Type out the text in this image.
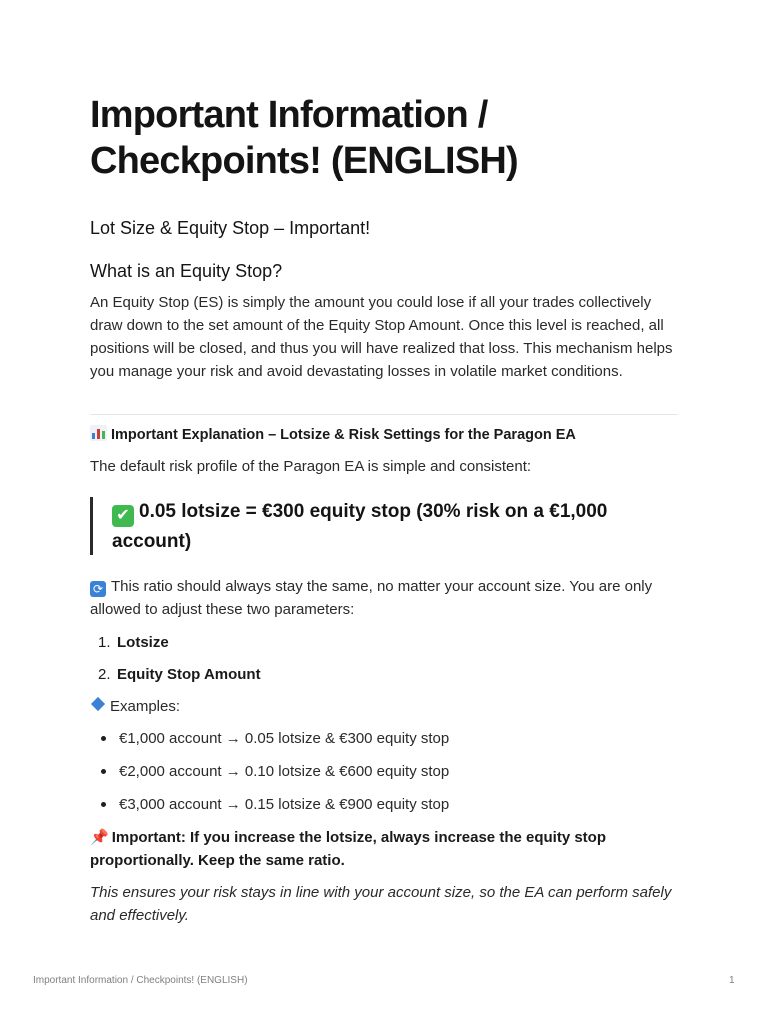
Important Information / Checkpoints! (ENGLISH)
Lot Size & Equity Stop – Important!
What is an Equity Stop?

An Equity Stop (ES) is simply the amount you could lose if all your trades collectively draw down to the set amount of the Equity Stop Amount. Once this level is reached, all positions will be closed, and thus you will have realized that loss. This mechanism helps you manage your risk and avoid devastating losses in volatile market conditions.

Important Explanation – Lotsize & Risk Settings for the Paragon EA

The default risk profile of the Paragon EA is simple and consistent:

✔ 0.05 lotsize = €300 equity stop (30% risk on a €1,000 account)

⟳ This ratio should always stay the same, no matter your account size. You are only allowed to adjust these two parameters:

1. Lotsize
2. Equity Stop Amount

Examples:

€1,000 account → 0.05 lotsize & €300 equity stop
€2,000 account → 0.10 lotsize & €600 equity stop
€3,000 account → 0.15 lotsize & €900 equity stop

📌 Important: If you increase the lotsize, always increase the equity stop proportionally. Keep the same ratio.

This ensures your risk stays in line with your account size, so the EA can perform safely and effectively.

Important Information / Checkpoints! (ENGLISH)	1
